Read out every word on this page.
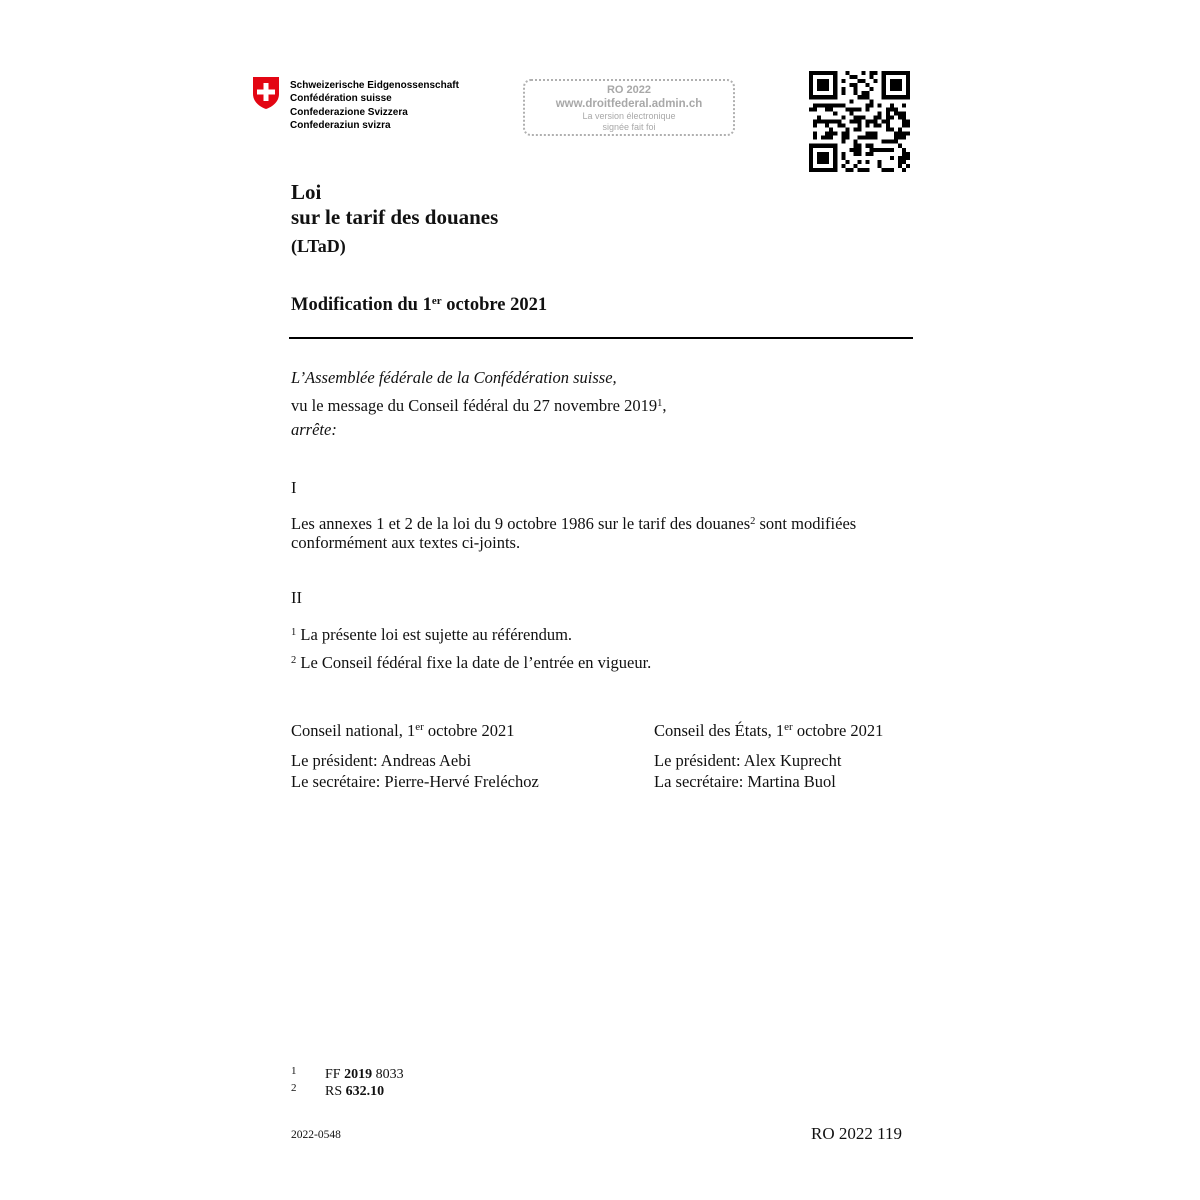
Schweizerische Eidgenossenschaft
Confédération suisse
Confederazione Svizzera
Confederaziun svizra
RO 2022
www.droitfederal.admin.ch
La version électronique
signée fait foi
Loi
sur le tarif des douanes
(LTaD)
Modification du 1er octobre 2021
L’Assemblée fédérale de la Confédération suisse,
vu le message du Conseil fédéral du 27 novembre 2019$^1$,
arrête:
I
Les annexes 1 et 2 de la loi du 9 octobre 1986 sur le tarif des douanes$^2$ sont modifiées
conformément aux textes ci-joints.
II
$^1$ La présente loi est sujette au référendum.
$^2$ Le Conseil fédéral fixe la date de l’entrée en vigueur.
Conseil national, 1er octobre 2021
Le président: Andreas Aebi
Le secrétaire: Pierre-Hervé Freléchoz
Conseil des États, 1er octobre 2021
Le président: Alex Kuprecht
La secrétaire: Martina Buol
1 FF 2019 8033
2 RS 632.10
2022-0548	RO 2022 119
